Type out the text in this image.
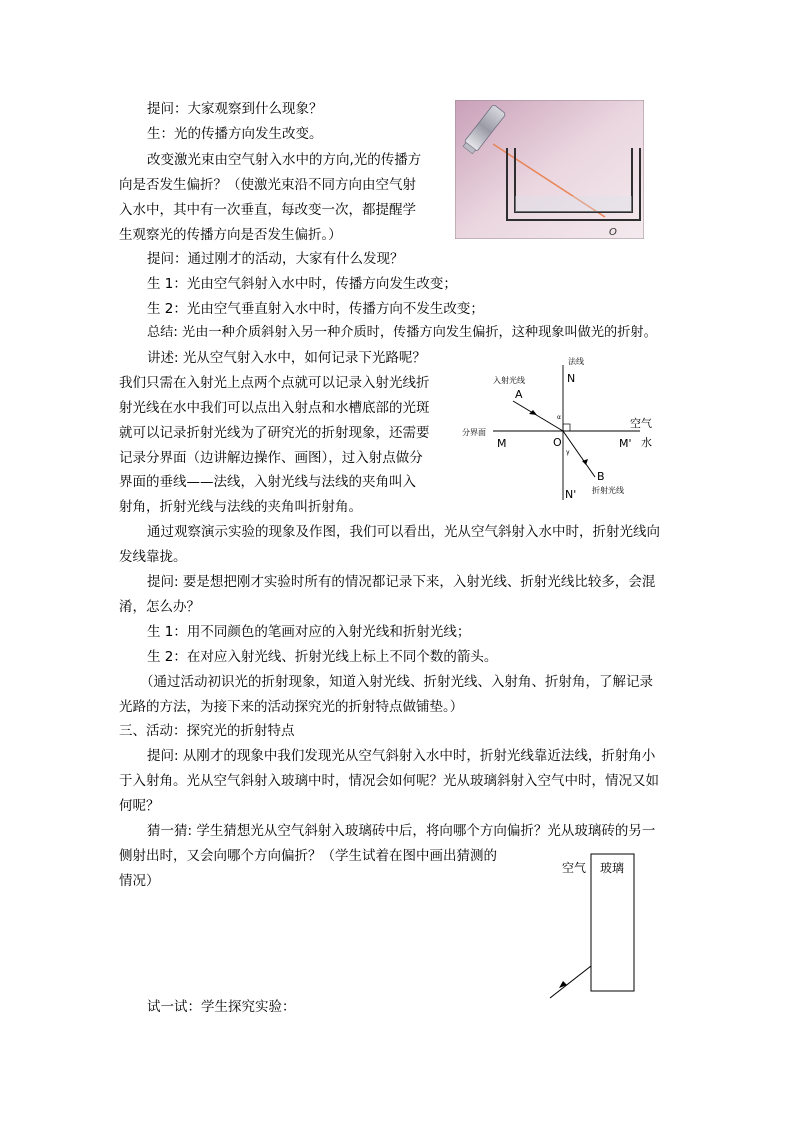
提问：大家观察到什么现象？
生：光的传播方向发生改变。
改变激光束由空气射入水中的方向,光的传播方
向是否发生偏折？（使激光束沿不同方向由空气射
入水中，其中有一次垂直，每改变一次，都提醒学
生观察光的传播方向是否发生偏折。）
提问：通过刚才的活动，大家有什么发现？
生 1：光由空气斜射入水中时，传播方向发生改变；
生 2：光由空气垂直射入水中时，传播方向不发生改变；
总结: 光由一种介质斜射入另一种介质时，传播方向发生偏折，这种现象叫做光的折射。
讲述: 光从空气射入水中，如何记录下光路呢？
我们只需在入射光上点两个点就可以记录入射光线折
射光线在水中我们可以点出入射点和水槽底部的光斑
就可以记录折射光线为了研究光的折射现象，还需要
记录分界面（边讲解边操作、画图），过入射点做分
界面的垂线——法线，入射光线与法线的夹角叫入
射角，折射光线与法线的夹角叫折射角。
通过观察演示实验的现象及作图，我们可以看出，光从空气斜射入水中时，折射光线向
发线靠拢。
提问: 要是想把刚才实验时所有的情况都记录下来，入射光线、折射光线比较多，会混
淆，怎么办？
生 1：用不同颜色的笔画对应的入射光线和折射光线；
生 2：在对应入射光线、折射光线上标上不同个数的箭头。
（通过活动初识光的折射现象，知道入射光线、折射光线、入射角、折射角，了解记录
光路的方法，为接下来的活动探究光的折射特点做铺垫。）
三、活动：探究光的折射特点
提问: 从刚才的现象中我们发现光从空气斜射入水中时，折射光线靠近法线，折射角小
于入射角。光从空气斜射入玻璃中时，情况会如何呢？光从玻璃斜射入空气中时，情况又如
何呢？
猜一猜: 学生猜想光从空气斜射入玻璃砖中后，将向哪个方向偏折？光从玻璃砖的另一
侧射出时，又会向哪个方向偏折？（学生试着在图中画出猜测的
情况）
试一试：学生探究实验：
O
法线
N
N'
入射光线
A
B
折射光线
分界面
M	M'
O
空气
水
α
γ
空气 玻璃
